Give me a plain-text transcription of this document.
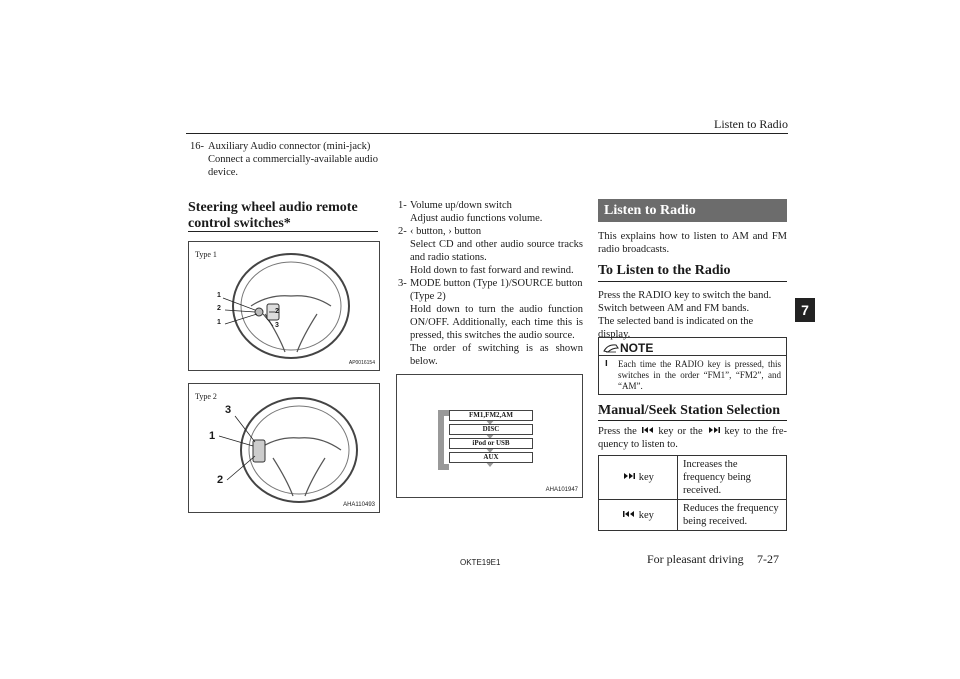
Listen to Radio
7
16- Auxiliary Audio connector (mini-jack)
Connect a commercially-available audio device.
Steering wheel audio remote
control switches*
Type 1
1
2
1
2
3
AP0016154
Type 2
3
1
2
AHA110493
1- Volume up/down switch
Adjust audio functions volume.
2- ‹ button, › button
Select CD and other audio source tracks and radio stations.
Hold down to fast forward and rewind.
3- MODE button (Type 1)/SOURCE button (Type 2)
Hold down to turn the audio function ON/OFF. Additionally, each time this is pressed, this switches the audio source.
The order of switching is as shown below.
FM1,FM2,AM
DISC
iPod or USB
AUX
AHA101947
Listen to Radio
This explains how to listen to AM and FM radio broadcasts.
To Listen to the Radio
Press the RADIO key to switch the band.
Switch between AM and FM bands.
The selected band is indicated on the display.
NOTE
l Each time the RADIO key is pressed, this switches in the order “FM1”, “FM2”, and “AM”.
Manual/Seek Station Selection
Press the key or the key to the fre-quency to listen to.
key	Increases the frequency being received.
key	Reduces the frequency being received.
OKTE19E1	For pleasant driving 7-27
